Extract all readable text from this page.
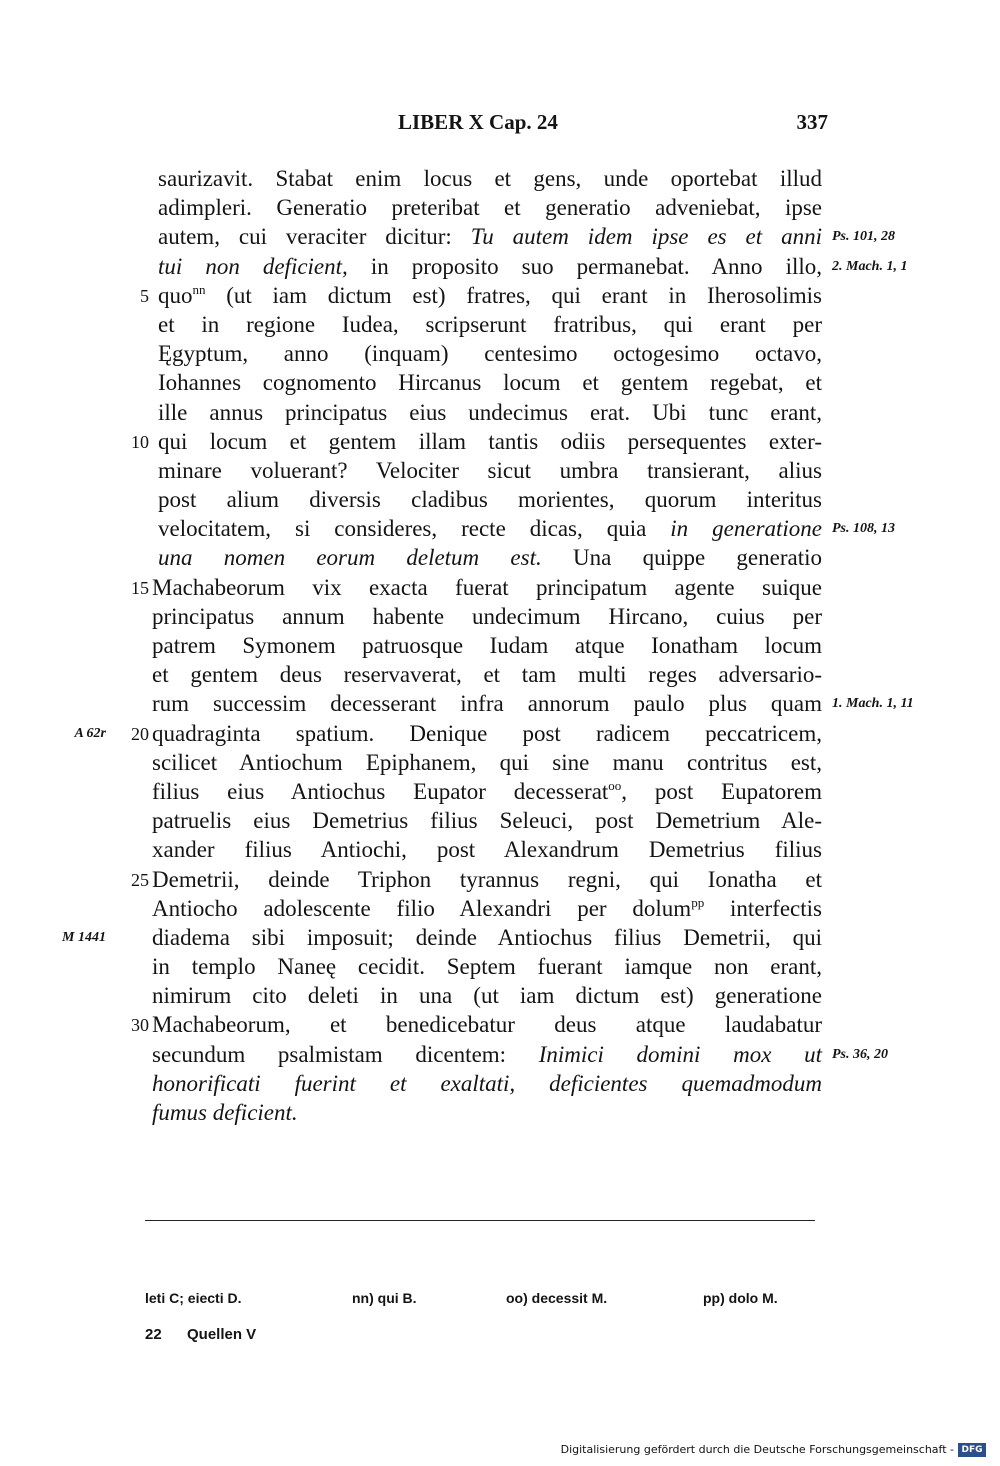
LIBER X Cap. 24	337
saurizavit. Stabat enim locus et gens, unde oportebat illud
adimpleri. Generatio preteribat et generatio adveniebat, ipse
autem, cui veraciter dicitur: Tu autem idem ipse es et anni Ps. 101, 28
tui non deficient, in proposito suo permanebat. Anno illo, 2. Mach. 1, 1
5 quo$^{nn}$ (ut iam dictum est) fratres, qui erant in Iherosolimis
et in regione Iudea, scripserunt fratribus, qui erant per
Ęgyptum, anno (inquam) centesimo octogesimo octavo,
Iohannes cognomento Hircanus locum et gentem regebat, et
ille annus principatus eius undecimus erat. Ubi tunc erant,
10 qui locum et gentem illam tantis odiis persequentes exter-
minare voluerant? Velociter sicut umbra transierant, alius
post alium diversis cladibus morientes, quorum interitus
velocitatem, si consideres, recte dicas, quia in generatione Ps. 108, 13
una nomen eorum deletum est. Una quippe generatio
15 Machabeorum vix exacta fuerat principatum agente suique
principatus annum habente undecimum Hircano, cuius per
patrem Symonem patruosque Iudam atque Ionatham locum
et gentem deus reservaverat, et tam multi reges adversario-
rum successim decesserant infra annorum paulo plus quam 1. Mach. 1, 11
A 62r	20 quadraginta spatium. Denique post radicem peccatricem,
scilicet Antiochum Epiphanem, qui sine manu contritus est,
filius eius Antiochus Eupator decesserat$^{oo}$, post Eupatorem
patruelis eius Demetrius filius Seleuci, post Demetrium Ale-
xander filius Antiochi, post Alexandrum Demetrius filius
25 Demetrii, deinde Triphon tyrannus regni, qui Ionatha et
Antiocho adolescente filio Alexandri per dolum$^{pp}$ interfectis
M 1441 diadema sibi imposuit; deinde Antiochus filius Demetrii, qui
in templo Naneę cecidit. Septem fuerant iamque non erant,
nimirum cito deleti in una (ut iam dictum est) generatione
30 Machabeorum, et benedicebatur deus atque laudabatur
secundum psalmistam dicentem: Inimici domini mox ut Ps. 36, 20
honorificati fuerint et exaltati, deficientes quemadmodum
fumus deficient.
leti C; eiecti D.	nn) qui B.	oo) decessit M.	pp) dolo M.
22 Quellen V
Digitalisierung gefördert durch die Deutsche Forschungsgemeinschaft - DFG
